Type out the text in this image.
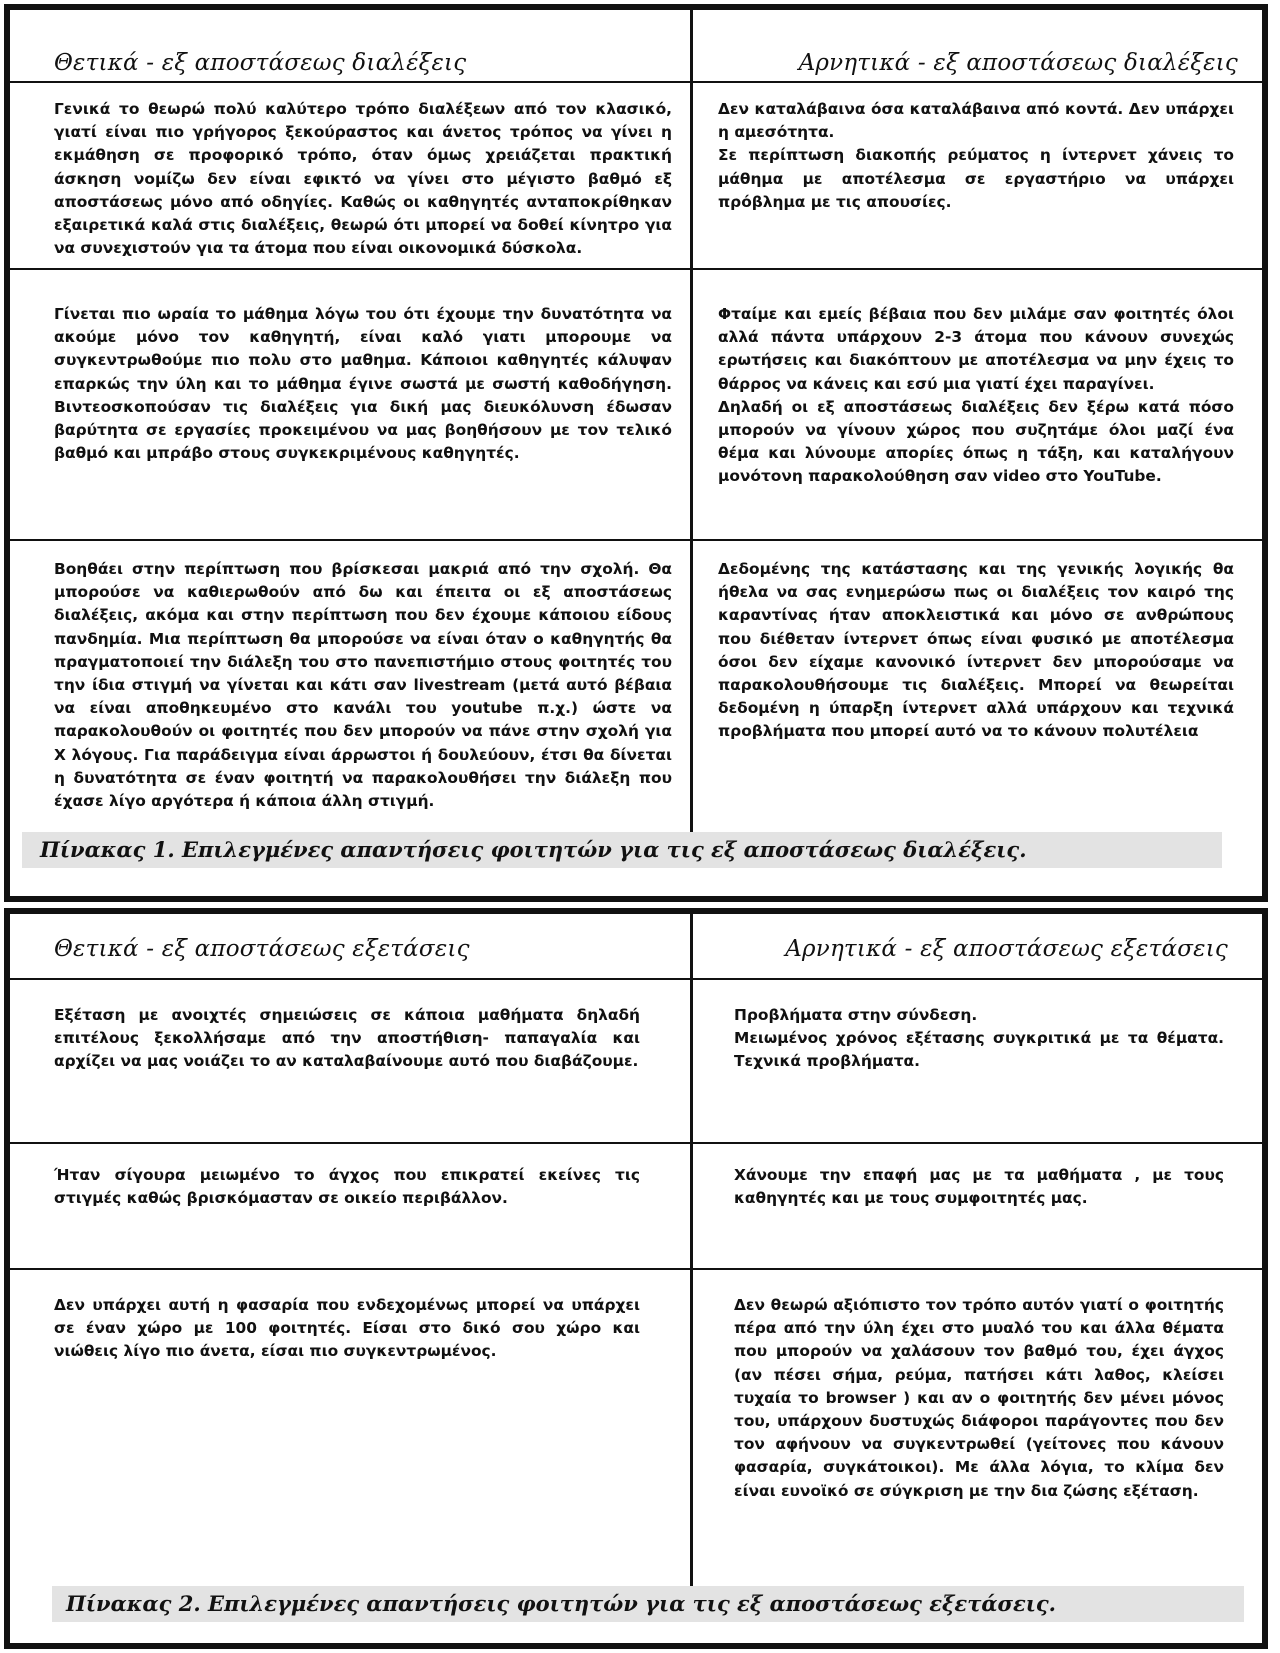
Θετικά - εξ αποστάσεως διαλέξεις	Αρνητικά - εξ αποστάσεως διαλέξεις

Γενικά το θεωρώ πολύ καλύτερο τρόπο διαλέξεων από τον κλασικό, γιατί είναι πιο γρήγορος ξεκούραστος και άνετος τρόπος να γίνει η εκμάθηση σε προφορικό τρόπο, όταν όμως χρειάζεται πρακτική άσκηση νομίζω δεν είναι εφικτό να γίνει στο μέγιστο βαθμό εξ αποστάσεως μόνο από οδηγίες. Καθώς οι καθηγητές ανταποκρίθηκαν εξαιρετικά καλά στις διαλέξεις, θεωρώ ότι μπορεί να δοθεί κίνητρο για να συνεχιστούν για τα άτομα που είναι οικονομικά δύσκολα.

Δεν καταλάβαινα όσα καταλάβαινα από κοντά. Δεν υπάρχει η αμεσότητα.

Σε περίπτωση διακοπής ρεύματος η ίντερνετ χάνεις το μάθημα με αποτέλεσμα σε εργαστήριο να υπάρχει πρόβλημα με τις απουσίες.

Γίνεται πιο ωραία το μάθημα λόγω του ότι έχουμε την δυνατότητα να ακούμε μόνο τον καθηγητή, είναι καλό γιατι μπορουμε να συγκεντρωθούμε πιο πολυ στο μαθημα. Κάποιοι καθηγητές κάλυψαν επαρκώς την ύλη και το μάθημα έγινε σωστά με σωστή καθοδήγηση. Βιντεοσκοπούσαν τις διαλέξεις για δική μας διευκόλυνση έδωσαν βαρύτητα σε εργασίες προκειμένου να μας βοηθήσουν με τον τελικό βαθμό και μπράβο στους συγκεκριμένους καθηγητές.

Φταίμε και εμείς βέβαια που δεν μιλάμε σαν φοιτητές όλοι αλλά πάντα υπάρχουν 2-3 άτομα που κάνουν συνεχώς ερωτήσεις και διακόπτουν με αποτέλεσμα να μην έχεις το θάρρος να κάνεις και εσύ μια γιατί έχει παραγίνει.

Δηλαδή οι εξ αποστάσεως διαλέξεις δεν ξέρω κατά πόσο μπορούν να γίνουν χώρος που συζητάμε όλοι μαζί ένα θέμα και λύνουμε απορίες όπως η τάξη, και καταλήγουν μονότονη παρακολούθηση σαν video στο YouTube.

Βοηθάει στην περίπτωση που βρίσκεσαι μακριά από την σχολή. Θα μπορούσε να καθιερωθούν από δω και έπειτα οι εξ αποστάσεως διαλέξεις, ακόμα και στην περίπτωση που δεν έχουμε κάποιου είδους πανδημία. Μια περίπτωση θα μπορούσε να είναι όταν ο καθηγητής θα πραγματοποιεί την διάλεξη του στο πανεπιστήμιο στους φοιτητές του την ίδια στιγμή να γίνεται και κάτι σαν livestream (μετά αυτό βέβαια να είναι αποθηκευμένο στο κανάλι του youtube π.χ.) ώστε να παρακολουθούν οι φοιτητές που δεν μπορούν να πάνε στην σχολή για Χ λόγους. Για παράδειγμα είναι άρρωστοι ή δουλεύουν, έτσι θα δίνεται η δυνατότητα σε έναν φοιτητή να παρακολουθήσει την διάλεξη που έχασε λίγο αργότερα ή κάποια άλλη στιγμή.

Δεδομένης της κατάστασης και της γενικής λογικής θα ήθελα να σας ενημερώσω πως οι διαλέξεις τον καιρό της καραντίνας ήταν αποκλειστικά και μόνο σε ανθρώπους που διέθεταν ίντερνετ όπως είναι φυσικό με αποτέλεσμα όσοι δεν είχαμε κανονικό ίντερνετ δεν μπορούσαμε να παρακολουθήσουμε τις διαλέξεις. Μπορεί να θεωρείται δεδομένη η ύπαρξη ίντερνετ αλλά υπάρχουν και τεχνικά προβλήματα που μπορεί αυτό να το κάνουν πολυτέλεια

Πίνακας 1. Επιλεγμένες απαντήσεις φοιτητών για τις εξ αποστάσεως διαλέξεις.
Θετικά - εξ αποστάσεως εξετάσεις	Αρνητικά - εξ αποστάσεως εξετάσεις

Εξέταση με ανοιχτές σημειώσεις σε κάποια μαθήματα δηλαδή επιτέλους ξεκολλήσαμε από την αποστήθιση- παπαγαλία και αρχίζει να μας νοιάζει το αν καταλαβαίνουμε αυτό που διαβάζουμε.

Προβλήματα στην σύνδεση.

Μειωμένος χρόνος εξέτασης συγκριτικά με τα θέματα. Τεχνικά προβλήματα.

Ήταν σίγουρα μειωμένο το άγχος που επικρατεί εκείνες τις στιγμές καθώς βρισκόμασταν σε οικείο περιβάλλον.

Χάνουμε την επαφή μας με τα μαθήματα , με τους καθηγητές και με τους συμφοιτητές μας.

Δεν υπάρχει αυτή η φασαρία που ενδεχομένως μπορεί να υπάρχει σε έναν χώρο με 100 φοιτητές. Είσαι στο δικό σου χώρο και νιώθεις λίγο πιο άνετα, είσαι πιο συγκεντρωμένος.

Δεν θεωρώ αξιόπιστο τον τρόπο αυτόν γιατί ο φοιτητής πέρα από την ύλη έχει στο μυαλό του και άλλα θέματα που μπορούν να χαλάσουν τον βαθμό του, έχει άγχος (αν πέσει σήμα, ρεύμα, πατήσει κάτι λαθος, κλείσει τυχαία το browser ) και αν ο φοιτητής δεν μένει μόνος του, υπάρχουν δυστυχώς διάφοροι παράγοντες που δεν τον αφήνουν να συγκεντρωθεί (γείτονες που κάνουν φασαρία, συγκάτοικοι). Με άλλα λόγια, το κλίμα δεν είναι ευνοϊκό σε σύγκριση με την δια ζώσης εξέταση.

Πίνακας 2. Επιλεγμένες απαντήσεις φοιτητών για τις εξ αποστάσεως εξετάσεις.
